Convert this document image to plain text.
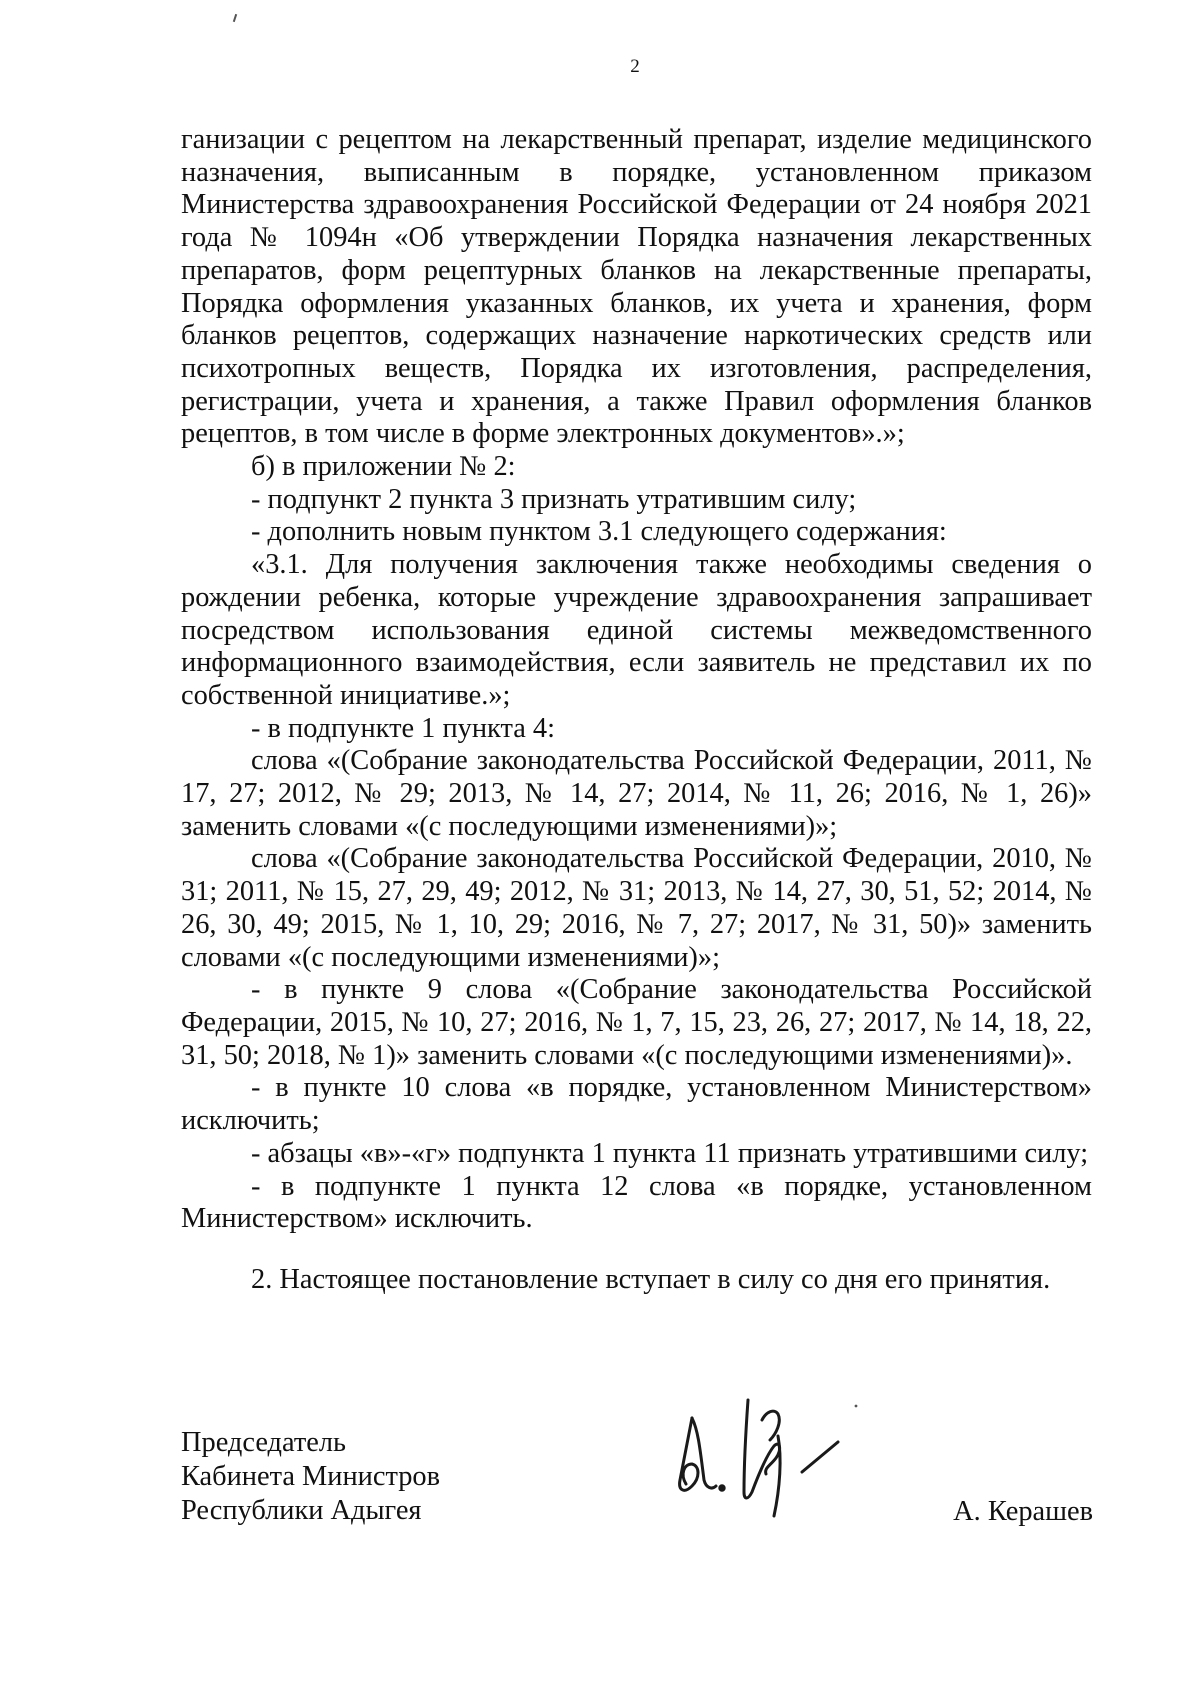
2

ганизации с рецептом на лекарственный препарат, изделие медицинского назначения, выписанным в порядке, установленном приказом Министерства здравоохранения Российской Федерации от 24 ноября 2021 года № 1094н «Об утверждении Порядка назначения лекарственных препаратов, форм рецептурных бланков на лекарственные препараты, Порядка оформления указанных бланков, их учета и хранения, форм бланков рецептов, содержащих назначение наркотических средств или психотропных веществ, Порядка их изготовления, распределения, регистрации, учета и хранения, а также Правил оформления бланков рецептов, в том числе в форме электронных документов».»;

б) в приложении № 2:

- подпункт 2 пункта 3 признать утратившим силу;

- дополнить новым пунктом 3.1 следующего содержания:

«3.1. Для получения заключения также необходимы сведения о рождении ребенка, которые учреждение здравоохранения запрашивает посредством использования единой системы межведомственного информационного взаимодействия, если заявитель не представил их по собственной инициативе.»;

- в подпункте 1 пункта 4:

слова «(Собрание законодательства Российской Федерации, 2011, № 17, 27; 2012, № 29; 2013, № 14, 27; 2014, № 11, 26; 2016, № 1, 26)» заменить словами «(с последующими изменениями)»;

слова «(Собрание законодательства Российской Федерации, 2010, № 31; 2011, № 15, 27, 29, 49; 2012, № 31; 2013, № 14, 27, 30, 51, 52; 2014, № 26, 30, 49; 2015, № 1, 10, 29; 2016, № 7, 27; 2017, № 31, 50)» заменить словами «(с последующими изменениями)»;

- в пункте 9 слова «(Собрание законодательства Российской Федерации, 2015, № 10, 27; 2016, № 1, 7, 15, 23, 26, 27; 2017, № 14, 18, 22, 31, 50; 2018, № 1)» заменить словами «(с последующими изменениями)».

- в пункте 10 слова «в порядке, установленном Министерством» исключить;

- абзацы «в»-«г» подпункта 1 пункта 11 признать утратившими силу;

- в подпункте 1 пункта 12 слова «в порядке, установленном Министерством» исключить.

2. Настоящее постановление вступает в силу со дня его принятия.

Председатель
Кабинета Министров
Республики Адыгея	А. Керашев
